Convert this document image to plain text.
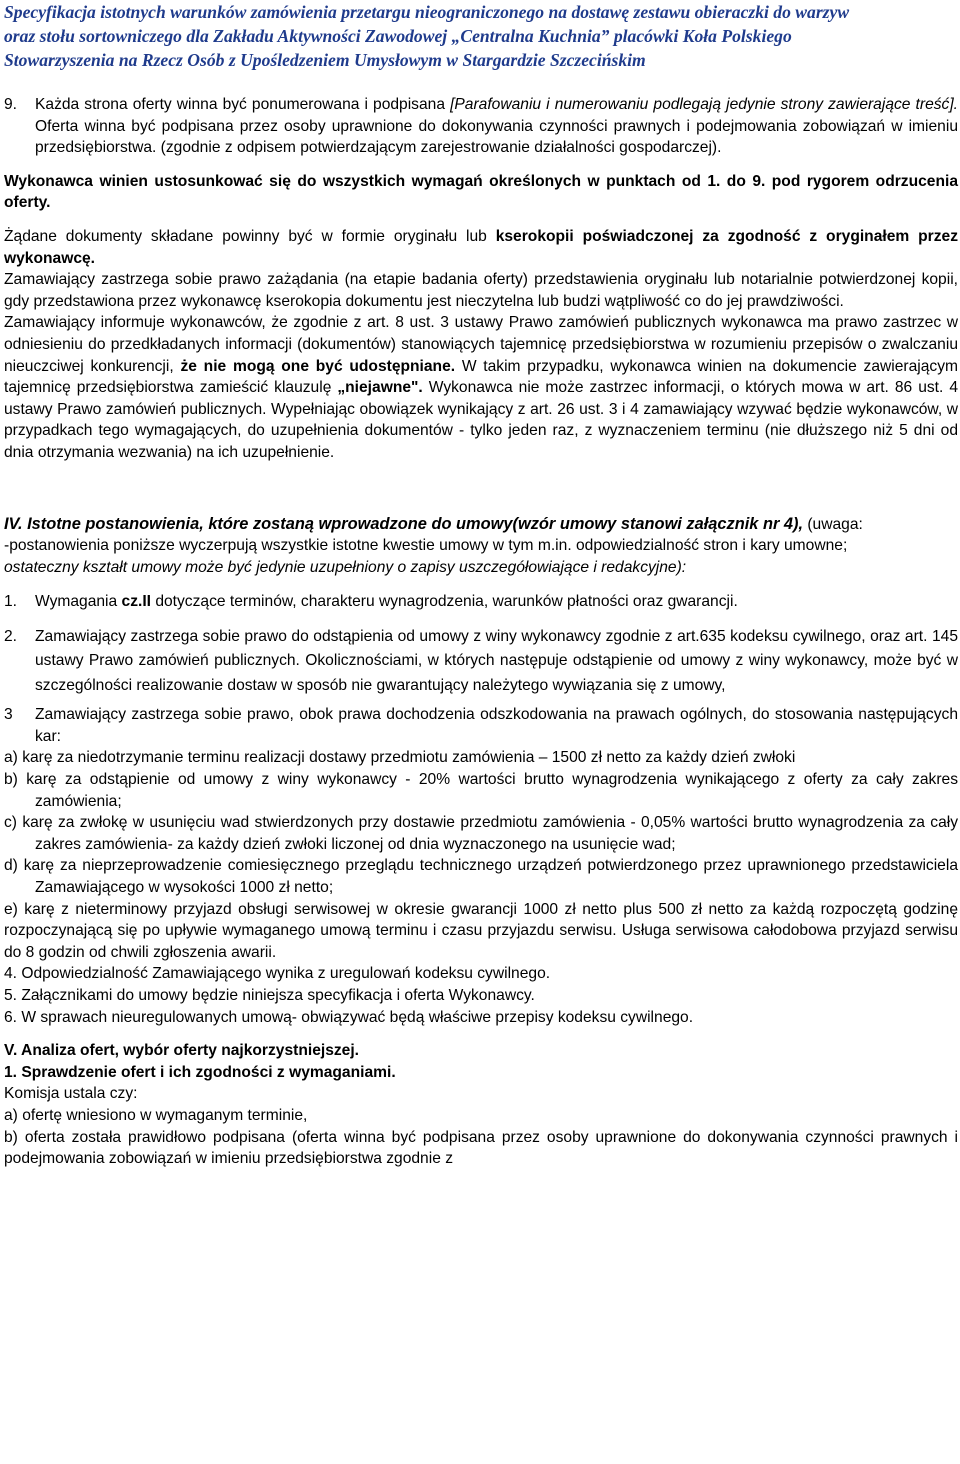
Specyfikacja istotnych warunków zamówienia przetargu nieograniczonego na dostawę zestawu obieraczki do warzyw
oraz stołu sortowniczego dla Zakładu Aktywności Zawodowej „Centralna Kuchnia” placówki Koła Polskiego
Stowarzyszenia na Rzecz Osób z Upośledzeniem Umysłowym w Stargardzie Szczecińskim

9. Każda strona oferty winna być ponumerowana i podpisana [Parafowaniu i numerowaniu podlegają jedynie strony zawierające treść]. Oferta winna być podpisana przez osoby uprawnione do dokonywania czynności prawnych i podejmowania zobowiązań w imieniu przedsiębiorstwa. (zgodnie z odpisem potwierdzającym zarejestrowanie działalności gospodarczej).

Wykonawca winien ustosunkować się do wszystkich wymagań określonych w punktach od 1. do 9. pod rygorem odrzucenia oferty.

Żądane dokumenty składane powinny być w formie oryginału lub kserokopii poświadczonej za zgodność z oryginałem przez wykonawcę.

Zamawiający zastrzega sobie prawo zażądania (na etapie badania oferty) przedstawienia oryginału lub notarialnie potwierdzonej kopii, gdy przedstawiona przez wykonawcę kserokopia dokumentu jest nieczytelna lub budzi wątpliwość co do jej prawdziwości.

Zamawiający informuje wykonawców, że zgodnie z art. 8 ust. 3 ustawy Prawo zamówień publicznych wykonawca ma prawo zastrzec w odniesieniu do przedkładanych informacji (dokumentów) stanowiących tajemnicę przedsiębiorstwa w rozumieniu przepisów o zwalczaniu nieuczciwej konkurencji, że nie mogą one być udostępniane. W takim przypadku, wykonawca winien na dokumencie zawierającym tajemnicę przedsiębiorstwa zamieścić klauzulę „niejawne". Wykonawca nie może zastrzec informacji, o których mowa w art. 86 ust. 4 ustawy Prawo zamówień publicznych. Wypełniając obowiązek wynikający z art. 26 ust. 3 i 4 zamawiający wzywać będzie wykonawców, w przypadkach tego wymagających, do uzupełnienia dokumentów - tylko jeden raz, z wyznaczeniem terminu (nie dłuższego niż 5 dni od dnia otrzymania wezwania) na ich uzupełnienie.

IV. Istotne postanowienia, które zostaną wprowadzone do umowy(wzór umowy stanowi załącznik nr 4), (uwaga:

-postanowienia poniższe wyczerpują wszystkie istotne kwestie umowy w tym m.in. odpowiedzialność stron i kary umowne;

ostateczny kształt umowy może być jedynie uzupełniony o zapisy uszczegółowiające i redakcyjne):

1. Wymagania cz.II dotyczące terminów, charakteru wynagrodzenia, warunków płatności oraz gwarancji.

2. Zamawiający zastrzega sobie prawo do odstąpienia od umowy z winy wykonawcy zgodnie z art.635 kodeksu cywilnego, oraz art. 145 ustawy Prawo zamówień publicznych. Okolicznościami, w których następuje odstąpienie od umowy z winy wykonawcy, może być w szczególności realizowanie dostaw w sposób nie gwarantujący należytego wywiązania się z umowy,

3 Zamawiający zastrzega sobie prawo, obok prawa dochodzenia odszkodowania na prawach ogólnych, do stosowania następujących kar:

a) karę za niedotrzymanie terminu realizacji dostawy przedmiotu zamówienia – 1500 zł netto za każdy dzień zwłoki

b) karę za odstąpienie od umowy z winy wykonawcy - 20% wartości brutto wynagrodzenia wynikającego z oferty za cały zakres zamówienia;

c) karę za zwłokę w usunięciu wad stwierdzonych przy dostawie przedmiotu zamówienia - 0,05% wartości brutto wynagrodzenia za cały zakres zamówienia- za każdy dzień zwłoki liczonej od dnia wyznaczonego na usunięcie wad;

d) karę za nieprzeprowadzenie comiesięcznego przeglądu technicznego urządzeń potwierdzonego przez uprawnionego przedstawiciela Zamawiającego w wysokości 1000 zł netto;

e) karę z nieterminowy przyjazd obsługi serwisowej w okresie gwarancji 1000 zł netto plus 500 zł netto za każdą rozpoczętą godzinę rozpoczynającą się po upływie wymaganego umową terminu i czasu przyjazdu serwisu. Usługa serwisowa całodobowa przyjazd serwisu do 8 godzin od chwili zgłoszenia awarii.

4. Odpowiedzialność Zamawiającego wynika z uregulowań kodeksu cywilnego.

5. Załącznikami do umowy będzie niniejsza specyfikacja i oferta Wykonawcy.

6. W sprawach nieuregulowanych umową- obwiązywać będą właściwe przepisy kodeksu cywilnego.

V. Analiza ofert, wybór oferty najkorzystniejszej.

1. Sprawdzenie ofert i ich zgodności z wymaganiami.

Komisja ustala czy:

a) ofertę wniesiono w wymaganym terminie,

b) oferta została prawidłowo podpisana (oferta winna być podpisana przez osoby uprawnione do dokonywania czynności prawnych i podejmowania zobowiązań w imieniu przedsiębiorstwa zgodnie z
